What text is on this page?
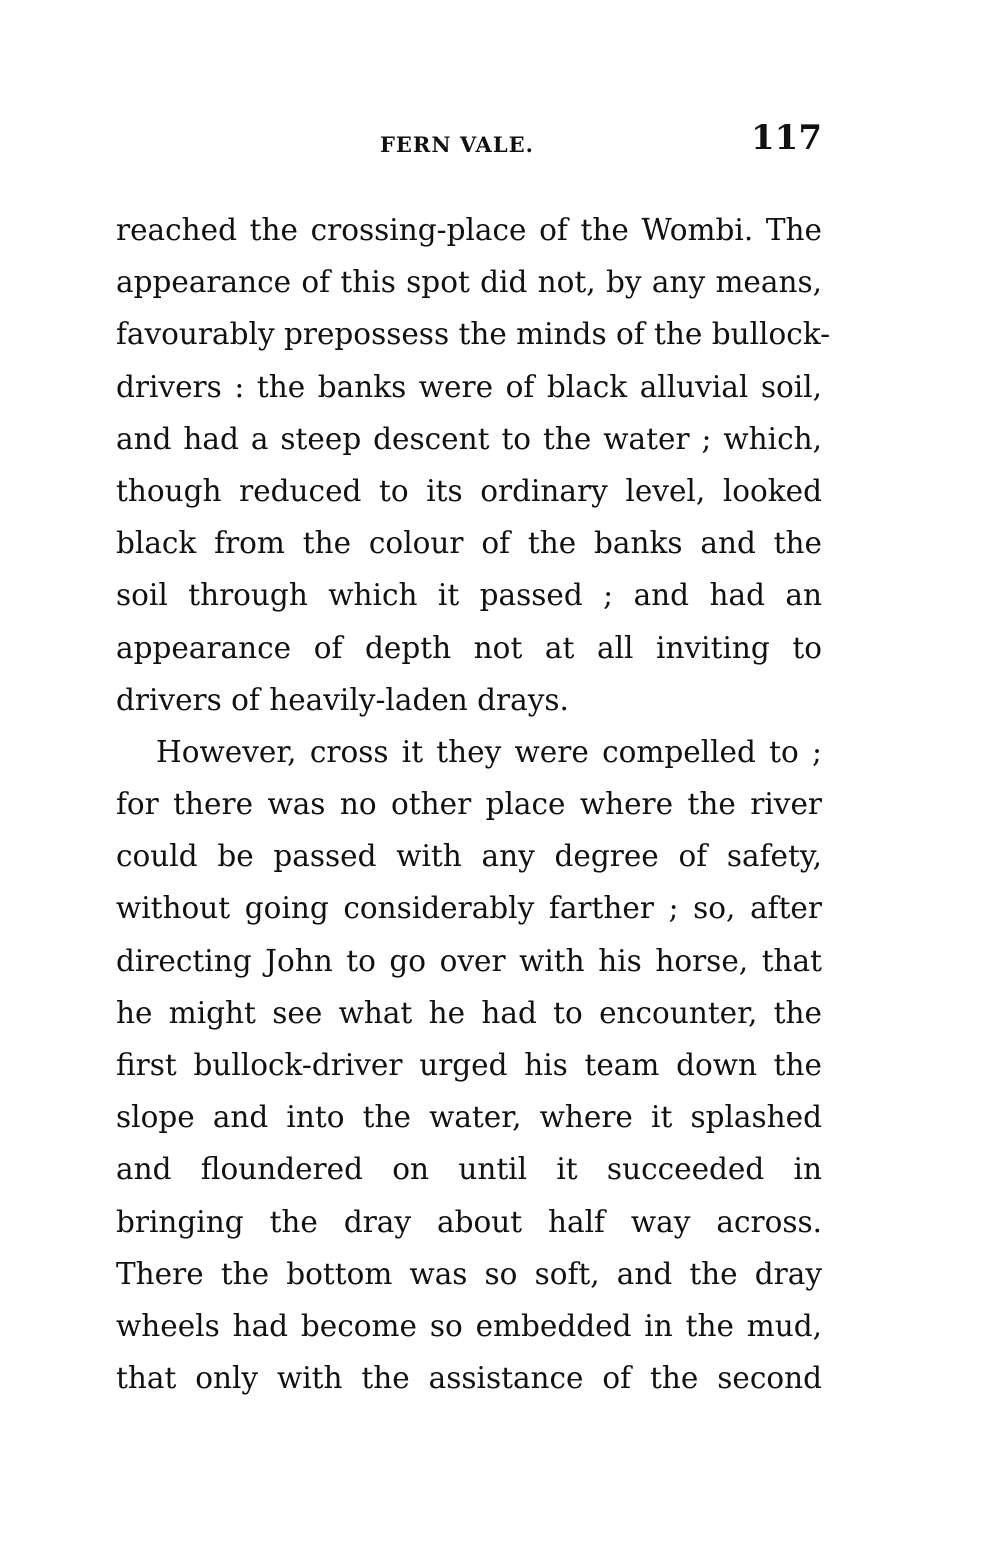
FERN VALE.	117
reached the crossing-place of the Wombi. The
appearance of this spot did not, by any means,
favourably prepossess the minds of the bullock-
drivers : the banks were of black alluvial soil,
and had a steep descent to the water ; which,
though reduced to its ordinary level, looked
black from the colour of the banks and the
soil through which it passed ; and had an
appearance of depth not at all inviting to
drivers of heavily-laden drays.
However, cross it they were compelled to ;
for there was no other place where the river
could be passed with any degree of safety,
without going considerably farther ; so, after
directing John to go over with his horse, that
he might see what he had to encounter, the
first bullock-driver urged his team down the
slope and into the water, where it splashed
and floundered on until it succeeded in
bringing the dray about half way across.
There the bottom was so soft, and the dray
wheels had become so embedded in the mud,
that only with the assistance of the second
